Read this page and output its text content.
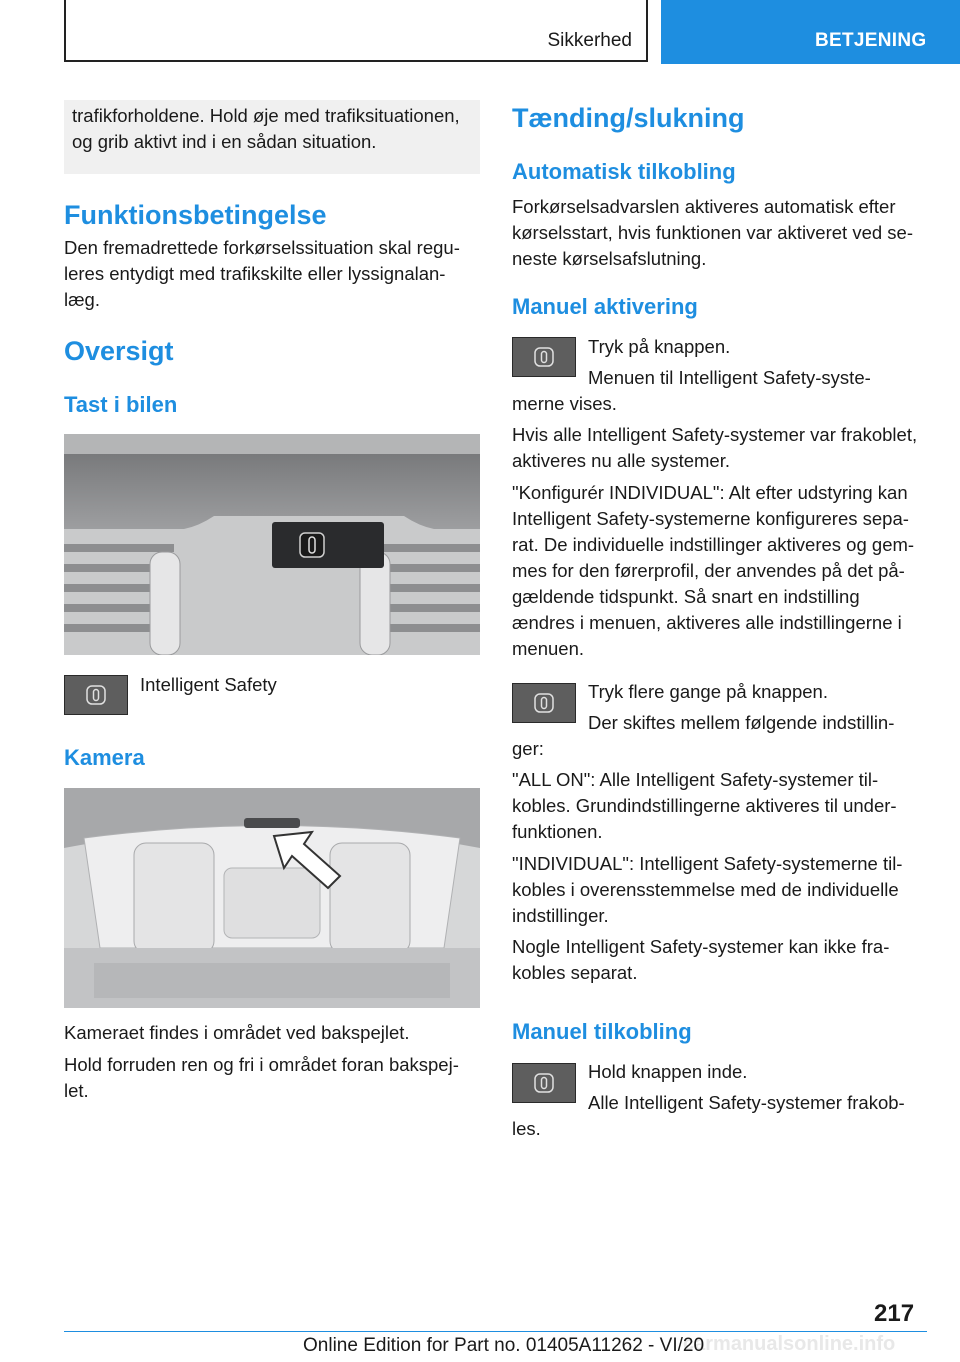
Sikkerhed	BETJENING
trafikforholdene. Hold øje med trafiksituationen, og grib aktivt ind i en sådan situation.
Funktionsbetingelse

Den fremadrettede forkørselssituation skal regu-leres entydigt med trafikskilte eller lyssignalan-læg.

Oversigt
Tast i bilen

Intelligent Safety

Kamera

Kameraet findes i området ved bakspejlet.

Hold forruden ren og fri i området foran bakspej-let.

Tænding/slukning
Automatisk tilkobling

Forkørselsadvarslen aktiveres automatisk efter kørselsstart, hvis funktionen var aktiveret ved se-neste kørselsafslutning.

Manuel aktivering

Tryk på knappen.

Menuen til Intelligent Safety-syste-

merne vises.

Hvis alle Intelligent Safety-systemer var frakoblet, aktiveres nu alle systemer.

"Konfigurér INDIVIDUAL": Alt efter udstyring kan Intelligent Safety-systemerne konfigureres sepa-rat. De individuelle indstillinger aktiveres og gem-mes for den førerprofil, der anvendes på det på-gældende tidspunkt. Så snart en indstilling ændres i menuen, aktiveres alle indstillingerne i menuen.

Tryk flere gange på knappen.

Der skiftes mellem følgende indstillin-

ger:

"ALL ON": Alle Intelligent Safety-systemer til-kobles. Grundindstillingerne aktiveres til under-funktionen.

"INDIVIDUAL": Intelligent Safety-systemerne til-kobles i overensstemmelse med de individuelle indstillinger.

Nogle Intelligent Safety-systemer kan ikke fra-kobles separat.

Manuel tilkobling

Hold knappen inde.

Alle Intelligent Safety-systemer frakob-

les.

217
carmanualsonline.info
Online Edition for Part no. 01405A11262 - VI/20
